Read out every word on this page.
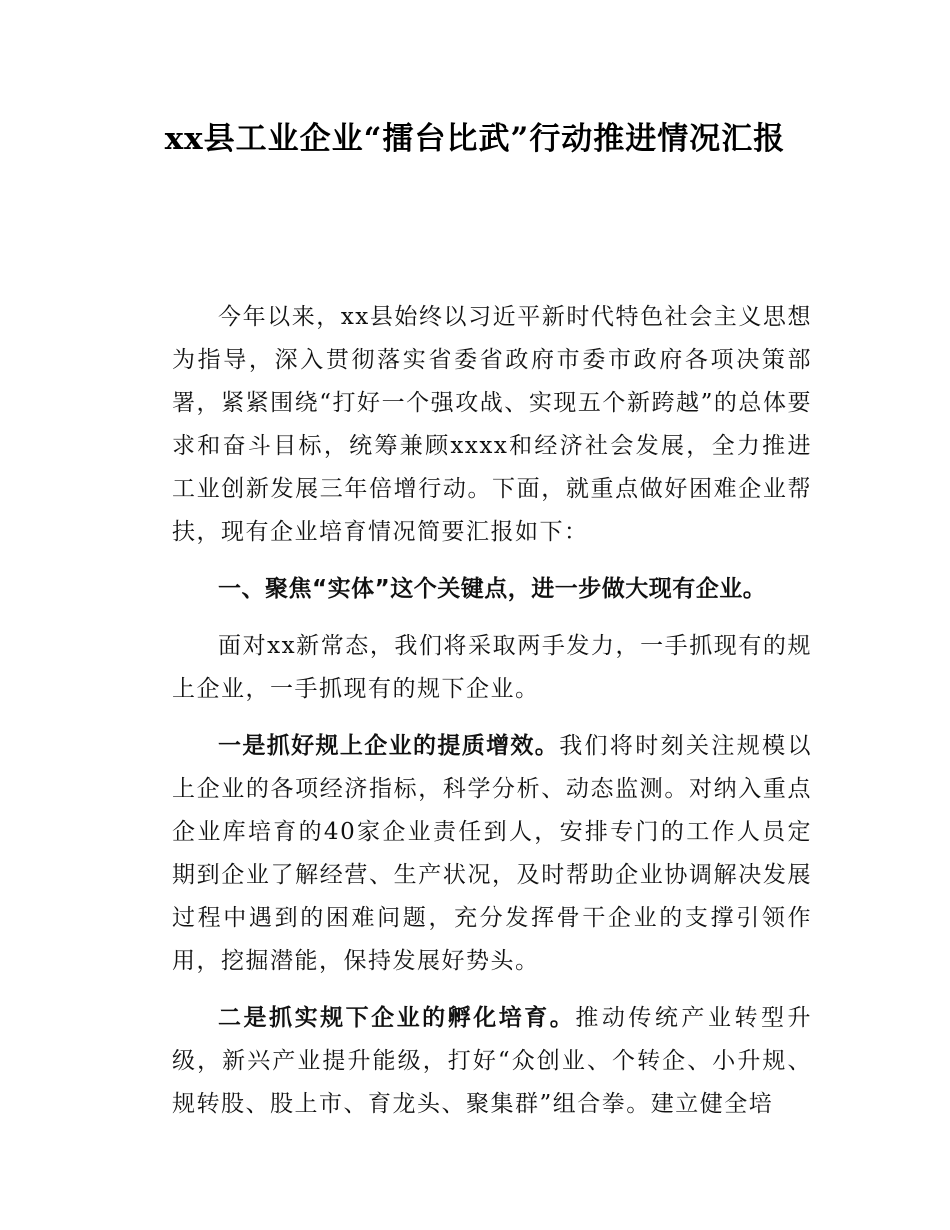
xx县工业企业“擂台比武”行动推进情况汇报

今年以来，xx县始终以习近平新时代特色社会主义思想为指导，深入贯彻落实省委省政府市委市政府各项决策部署，紧紧围绕“打好一个强攻战、实现五个新跨越”的总体要求和奋斗目标，统筹兼顾xxxx和经济社会发展，全力推进工业创新发展三年倍增行动。下面，就重点做好困难企业帮扶，现有企业培育情况简要汇报如下：

一、聚焦“实体”这个关键点，进一步做大现有企业。

面对xx新常态，我们将采取两手发力，一手抓现有的规上企业，一手抓现有的规下企业。

一是抓好规上企业的提质增效。我们将时刻关注规模以上企业的各项经济指标，科学分析、动态监测。对纳入重点企业库培育的40家企业责任到人，安排专门的工作人员定期到企业了解经营、生产状况，及时帮助企业协调解决发展过程中遇到的困难问题，充分发挥骨干企业的支撑引领作用，挖掘潜能，保持发展好势头。

二是抓实规下企业的孵化培育。推动传统产业转型升级，新兴产业提升能级，打好“众创业、个转企、小升规、规转股、股上市、育龙头、聚集群”组合拳。建立健全培
